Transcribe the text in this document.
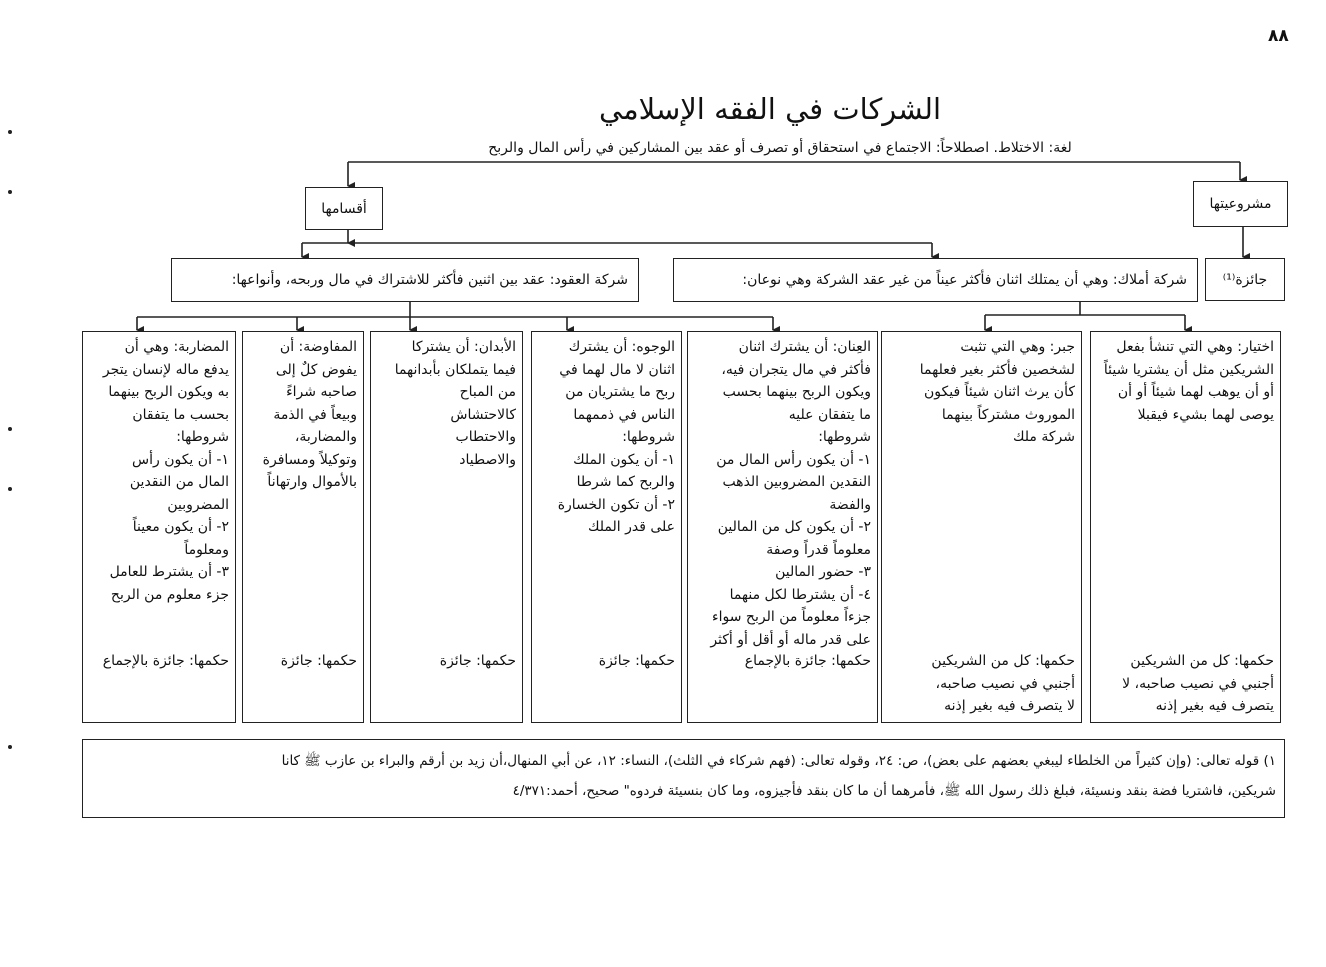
٨٨
الشركات في الفقه الإسلامي
لغة: الاختلاط. اصطلاحاً: الاجتماع في استحقاق أو تصرف أو عقد بين المشاركين في رأس المال والربح
مشروعيتها
أقسامها
جائزة⁽¹⁾
شركة أملاك: وهي أن يمتلك اثنان فأكثر عيناً من غير عقد الشركة وهي نوعان:
شركة العقود: عقد بين اثنين فأكثر للاشتراك في مال وربحه، وأنواعها:
اختيار: وهي التي تنشأ بفعل
الشريكين مثل أن يشتريا شيئاً
أو أن يوهب لهما شيئاً أو أن
يوصى لهما بشيء فيقبلا
حكمها: كل من الشريكين
أجنبي في نصيب صاحبه، لا
يتصرف فيه بغير إذنه
جبر: وهي التي تثبت
لشخصين فأكثر بغير فعلهما
كأن يرث اثنان شيئاً فيكون
الموروث مشتركاً بينهما
شركة ملك
حكمها: كل من الشريكين
أجنبي في نصيب صاحبه،
لا يتصرف فيه بغير إذنه
العِنان: أن يشترك اثنان
فأكثر في مال يتجران فيه،
ويكون الربح بينهما بحسب
ما يتفقان عليه
شروطها:
١- أن يكون رأس المال من
النقدين المضروبين الذهب
والفضة
٢- أن يكون كل من المالين
معلوماً قدراً وصفة
٣- حضور المالين
٤- أن يشترطا لكل منهما
جزءاً معلوماً من الربح سواء
على قدر ماله أو أقل أو أكثر
حكمها: جائزة بالإجماع
الوجوه: أن يشترك
اثنان لا مال لهما في
ربح ما يشتريان من
الناس في ذممهما
شروطها:
١- أن يكون الملك
والربح كما شرطا
٢- أن تكون الخسارة
على قدر الملك
حكمها: جائزة
الأبدان: أن يشتركا
فيما يتملكان بأبدانهما
من المباح
كالاحتشاش
والاحتطاب
والاصطياد
حكمها: جائزة
المفاوضة: أن
يفوض كلٌ إلى
صاحبه شراءً
وبيعاً في الذمة
والمضاربة،
وتوكيلاً ومسافرة
بالأموال وارتهاناً
حكمها: جائزة
المضاربة: وهي أن
يدفع ماله لإنسان يتجر
به ويكون الربح بينهما
بحسب ما يتفقان
شروطها:
١- أن يكون رأس
المال من النقدين
المضروبين
٢- أن يكون معيناً
ومعلوماً
٣- أن يشترط للعامل
جزء معلوم من الربح
حكمها: جائزة بالإجماع
١) قوله تعالى: (وإن كثيراً من الخلطاء ليبغي بعضهم على بعض)، ص: ٢٤، وقوله تعالى: (فهم شركاء في الثلث)، النساء: ١٢، عن أبي المنهال،أن زيد بن أرقم والبراء بن عازب ﷺ كانا
شريكين، فاشتريا فضة بنقد ونسيئة، فبلغ ذلك رسول الله ﷺ، فأمرهما أن ما كان بنقد فأجيزوه، وما كان بنسيئة فردوه" صحيح، أحمد:٤/٣٧١
